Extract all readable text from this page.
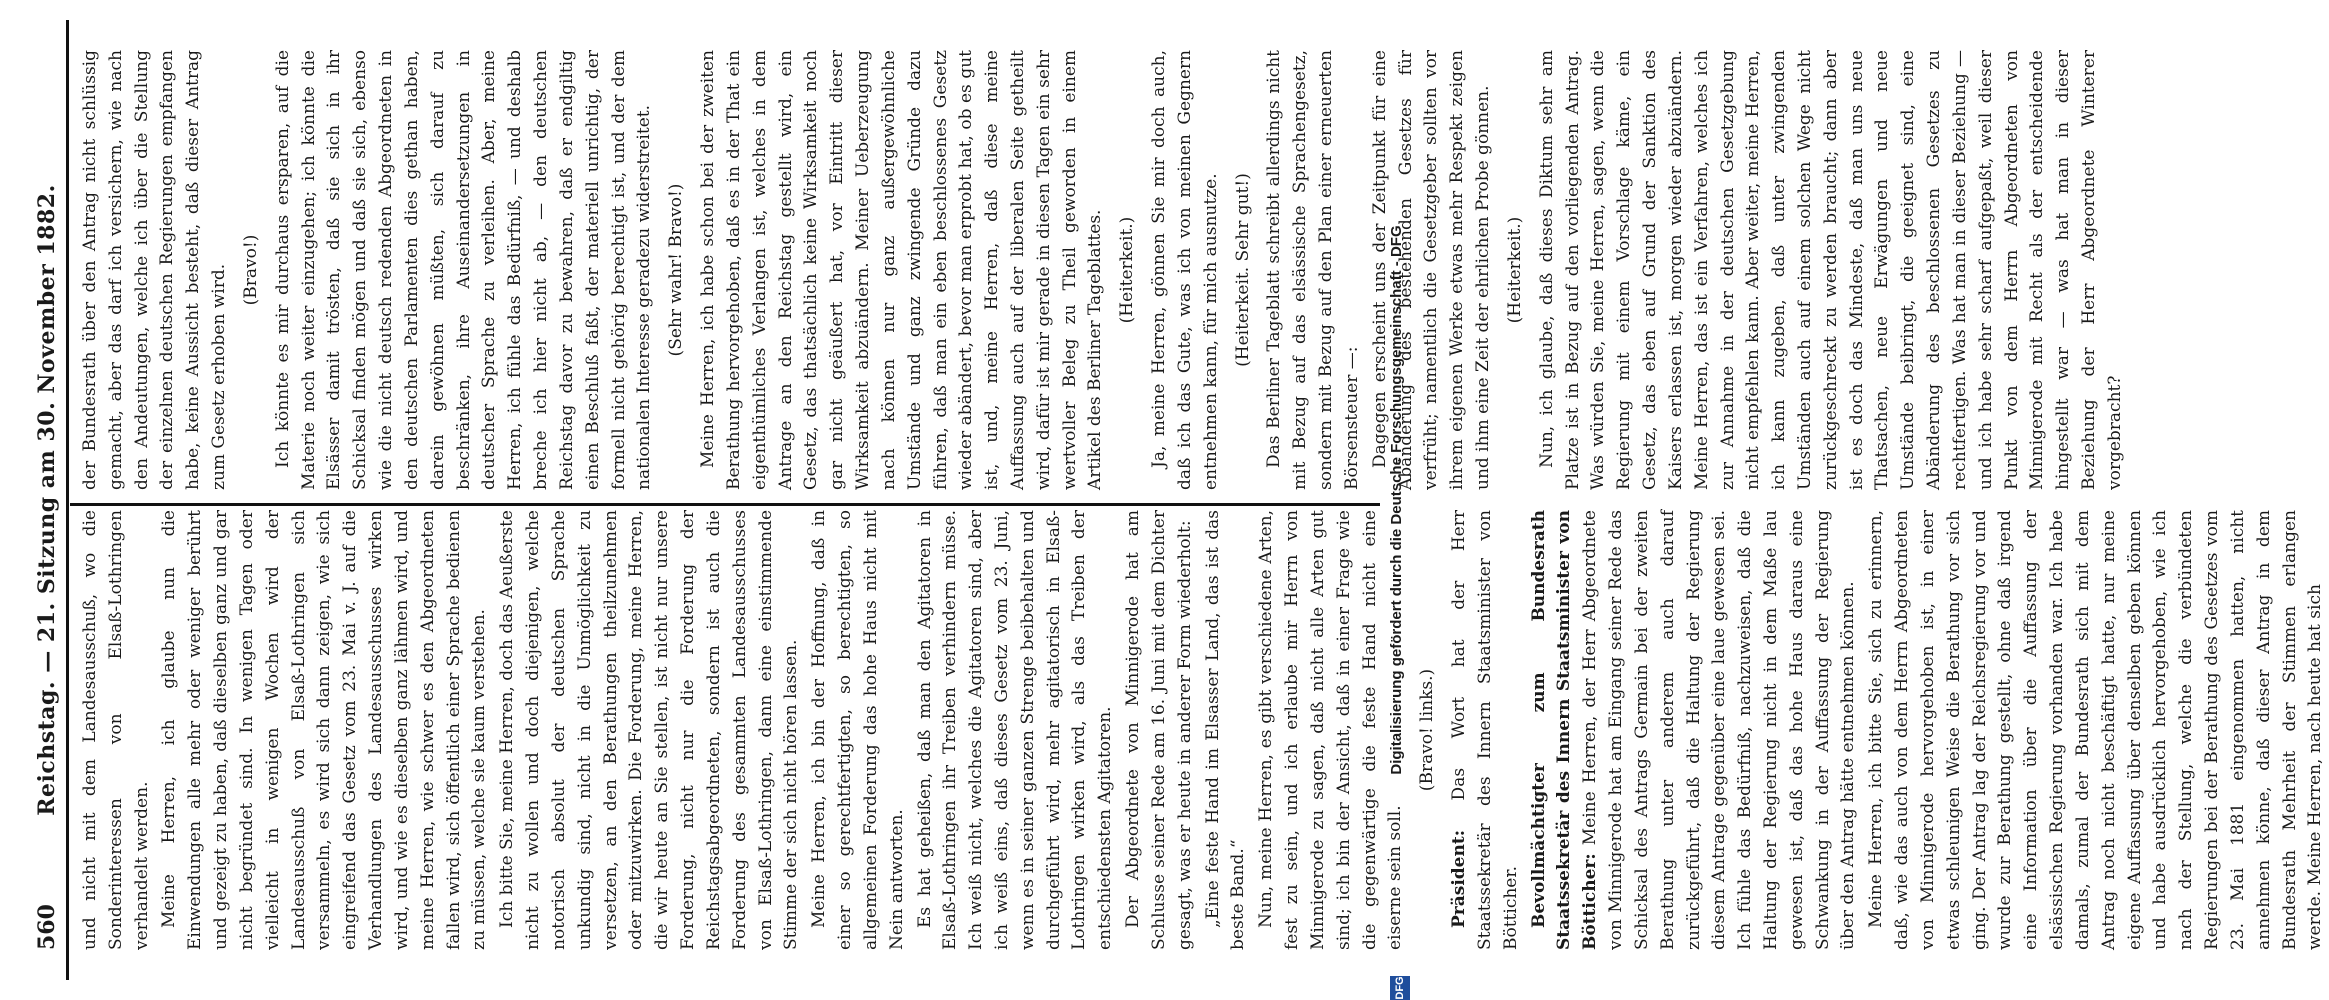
560
Reichstag. — 21. Sitzung am 30. November 1882. und nicht mit dem Landesausschuß, wo die Sonderinteressen von Elsaß-Lothringen verhandelt werden. Meine Herren, ich glaube nun die Einwendungen alle mehr oder weniger berührt und gezeigt zu haben, daß dieselben ganz und gar nicht begründet sind. In wenigen Tagen oder vielleicht in wenigen Wochen wird der Landesausschuß von Elsaß-Lothringen sich versammeln, es wird sich dann zeigen, wie sich eingreifend das Gesetz vom 23. Mai v. J. auf die Verhandlungen des Landesausschusses wirken wird, und wie es dieselben ganz lähmen wird, und meine Herren, wie schwer es den Abgeordneten fallen wird, sich öffentlich einer Sprache bedienen zu müssen, welche sie kaum verstehen. Ich bitte Sie, meine Herren, doch das Aeußerste nicht zu wollen und doch diejenigen, welche notorisch absolut der deutschen Sprache unkundig sind, nicht in die Unmöglichkeit zu versetzen, an den Berathungen theilzunehmen oder mitzuwirken. Die Forderung, meine Herren, die wir heute an Sie stellen, ist nicht nur unsere Forderung, nicht nur die Forderung der Reichstagsabgeordneten, sondern ist auch die Forderung des gesammten Landesausschusses von Elsaß-Lothringen, dann eine einstimmende Stimme der sich nicht hören lassen. Meine Herren, ich bin der Hoffnung, daß in einer so gerechtfertigten, so berechtigten, so allgemeinen Forderung das hohe Haus nicht mit Nein antworten. Es hat geheißen, daß man den Agitatoren in Elsaß-Lothringen ihr Treiben verhindern müsse. Ich weiß nicht, welches die Agitatoren sind, aber ich weiß eins, daß dieses Gesetz vom 23. Juni, wenn es in seiner ganzen Strenge beibehalten und durchgeführt wird, mehr agitatorisch in Elsaß-Lothringen wirken wird, als das Treiben der entschiedensten Agitatoren. Der Abgeordnete von Minnigerode hat am Schlusse seiner Rede am 16. Juni mit dem Dichter gesagt, was er heute in anderer Form wiederholt: „Eine feste Hand im Elsasser Land, das ist das beste Band.“ Nun, meine Herren, es gibt verschiedene Arten, fest zu sein, und ich erlaube mir Herrn von Minnigerode zu sagen, daß nicht alle Arten gut sind; ich bin der Ansicht, daß in einer Frage wie die gegenwärtige die feste Hand nicht eine eiserne sein soll.

(Bravo! links.)

Präsident: Das Wort hat der Herr Staatssekretär des Innern Staatsminister von Bötticher. Bevollmächtigter zum Bundesrath Staatssekretär des Innern Staatsminister von Bötticher: Meine Herren, der Herr Abgeordnete von Minnigerode hat am Eingang seiner Rede das Schicksal des Antrags Germain bei der zweiten Berathung unter anderem auch darauf zurückgeführt, daß die Haltung der Regierung diesem Antrage gegenüber eine laue gewesen sei. Ich fühle das Bedürfniß, nachzuweisen, daß die Haltung der Regierung nicht in dem Maße lau gewesen ist, daß das hohe Haus daraus eine Schwankung in der Auffassung der Regierung über den Antrag hätte entnehmen können. Meine Herren, ich bitte Sie, sich zu erinnern, daß, wie das auch von dem Herrn Abgeordneten von Minnigerode hervorgehoben ist, in einer etwas schleunigen Weise die Berathung vor sich ging. Der Antrag lag der Reichsregierung vor und wurde zur Berathung gestellt, ohne daß irgend eine Information über die Auffassung der elsässischen Regierung vorhanden war. Ich habe damals, zumal der Bundesrath sich mit dem Antrag noch nicht beschäftigt hatte, nur meine eigene Auffassung über denselben geben können und habe ausdrücklich hervorgehoben, wie ich nach der Stellung, welche die verbündeten Regierungen bei der Berathung des Gesetzes vom 23. Mai 1881 eingenommen hatten, nicht annehmen könne, daß dieser Antrag in dem Bundesrath Mehrheit der Stimmen erlangen werde. Meine Herren, nach heute hat sich

der Bundesrath über den Antrag nicht schlüssig gemacht, aber das darf ich versichern, wie nach den Andeutungen, welche ich über die Stellung der einzelnen deutschen Regierungen empfangen habe, keine Aussicht besteht, daß dieser Antrag zum Gesetz erhoben wird. (Bravo!) Ich könnte es mir durchaus ersparen, auf die Materie noch weiter einzugehen; ich könnte die Elsässer damit trösten, daß sie sich in ihr Schicksal finden mögen und daß sie sich, ebenso wie die nicht deutsch redenden Abgeordneten in den deutschen Parlamenten dies gethan haben, darein gewöhnen müßten, sich darauf zu beschränken, ihre Auseinandersetzungen in deutscher Sprache zu verleihen. Aber, meine Herren, ich fühle das Bedürfniß, — und deshalb breche ich hier nicht ab, — den deutschen Reichstag davor zu bewahren, daß er endgiltig einen Beschluß faßt, der materiell unrichtig, der formell nicht gehörig berechtigt ist, und der dem nationalen Interesse geradezu widerstreitet. (Sehr wahr! Bravo!) Meine Herren, ich habe schon bei der zweiten Berathung hervorgehoben, daß es in der That ein eigenthümliches Verlangen ist, welches in dem Antrage an den Reichstag gestellt wird, ein Gesetz, das thatsächlich keine Wirksamkeit noch gar nicht geäußert hat, vor Eintritt dieser Wirksamkeit abzuändern. Meiner Ueberzeugung nach können nur ganz außergewöhnliche Umstände und ganz zwingende Gründe dazu führen, daß man ein eben beschlossenes Gesetz wieder abändert, bevor man erprobt hat, ob es gut ist, und, meine Herren, daß diese meine Auffassung auch auf der liberalen Seite getheilt wird, dafür ist mir gerade in diesen Tagen ein sehr wertvoller Beleg zu Theil geworden in einem Artikel des Berliner Tageblattes. (Heiterkeit.) Ja, meine Herren, gönnen Sie mir doch auch, daß ich das Gute, was ich von meinen Gegnern entnehmen kann, für mich ausnutze. (Heiterkeit. Sehr gut!) Das Berliner Tageblatt schreibt allerdings nicht mit Bezug auf das elsässische Sprachengesetz, sondern mit Bezug auf den Plan einer erneuerten Börsensteuer —: Dagegen erscheint uns der Zeitpunkt für eine Abänderung des bestehenden Gesetzes für verfrüht; namentlich die Gesetzgeber sollten vor ihrem eigenen Werke etwas mehr Respekt zeigen und ihm eine Zeit der ehrlichen Probe gönnen. (Heiterkeit.) Nun, ich glaube, daß dieses Diktum sehr am Platze ist in Bezug auf den vorliegenden Antrag. Was würden Sie, meine Herren, sagen, wenn die Regierung mit einem Vorschlage käme, ein Gesetz, das eben auf Grund der Sanktion des Kaisers erlassen ist, morgen wieder abzuändern. Meine Herren, das ist ein Verfahren, welches ich zur Annahme in der deutschen Gesetzgebung nicht empfehlen kann. Aber weiter, meine Herren, ich kann zugeben, daß unter zwingenden Umständen auch auf einem solchen Wege nicht zurückgeschreckt zu werden braucht; dann aber ist es doch das Mindeste, daß man uns neue Thatsachen, neue Erwägungen und neue Umstände beibringt, die geeignet sind, eine Abänderung des beschlossenen Gesetzes zu rechtfertigen. Was hat man in dieser Beziehung — und ich habe sehr scharf aufgepaßt, weil dieser Punkt von dem Herrn Abgeordneten von Minnigerode mit Recht als der entscheidende hingestellt war — was hat man in dieser Beziehung der Herr Abgeordnete Winterer vorgebracht?

Digitalisierung gefördert durch die Deutsche Forschungsgemeinschaft - DFG
DFG
